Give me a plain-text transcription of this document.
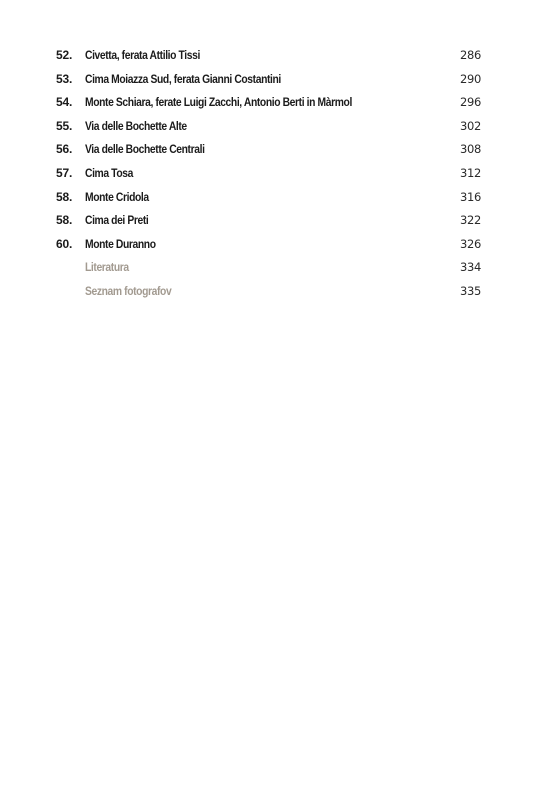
52.	Civetta, ferata Attilio Tissi	286
53.	Cima Moiazza Sud, ferata Gianni Costantini	290
54.	Monte Schiara, ferate Luigi Zacchi, Antonio Berti in Màrmol	296
55.	Via delle Bochette Alte	302
56.	Via delle Bochette Centrali	308
57.	Cima Tosa	312
58.	Monte Cridola	316
58.	Cima dei Preti	322
60.	Monte Duranno	326
Literatura	334
Seznam fotografov	335
